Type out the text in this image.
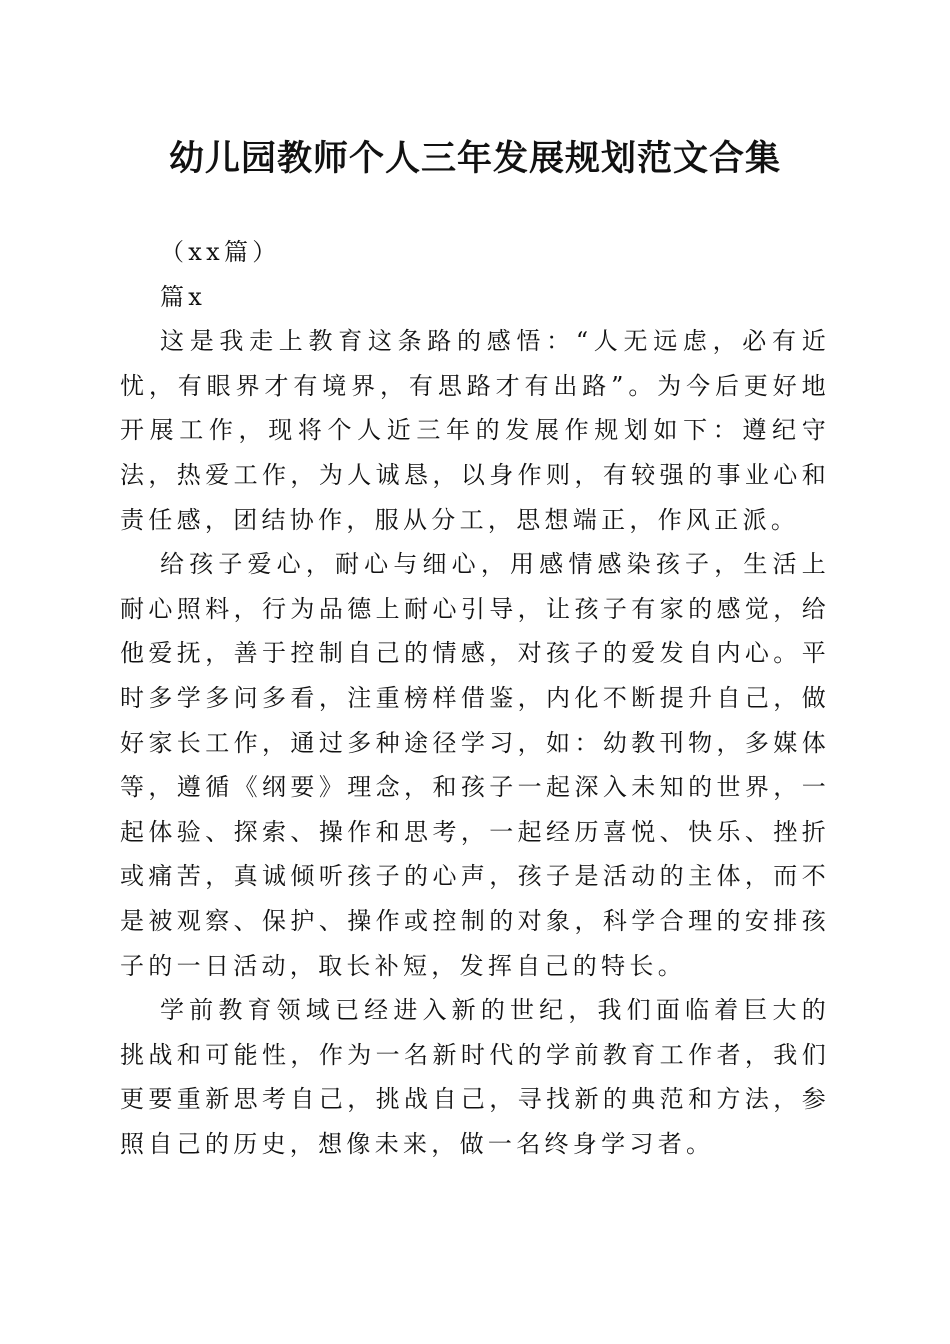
幼儿园教师个人三年发展规划范文合集

（xx篇）

篇x

这是我走上教育这条路的感悟：“人无远虑，必有近忧，有眼界才有境界，有思路才有出路”。为今后更好地开展工作，现将个人近三年的发展作规划如下：遵纪守法，热爱工作，为人诚恳，以身作则，有较强的事业心和责任感，团结协作，服从分工，思想端正，作风正派。

给孩子爱心，耐心与细心，用感情感染孩子，生活上耐心照料，行为品德上耐心引导，让孩子有家的感觉，给他爱抚，善于控制自己的情感，对孩子的爱发自内心。平时多学多问多看，注重榜样借鉴，内化不断提升自己，做好家长工作，通过多种途径学习，如：幼教刊物，多媒体等，遵循《纲要》理念，和孩子一起深入未知的世界，一起体验、探索、操作和思考，一起经历喜悦、快乐、挫折或痛苦，真诚倾听孩子的心声，孩子是活动的主体，而不是被观察、保护、操作或控制的对象，科学合理的安排孩子的一日活动，取长补短，发挥自己的特长。

学前教育领域已经进入新的世纪，我们面临着巨大的挑战和可能性，作为一名新时代的学前教育工作者，我们更要重新思考自己，挑战自己，寻找新的典范和方法，参照自己的历史，想像未来，做一名终身学习者。
